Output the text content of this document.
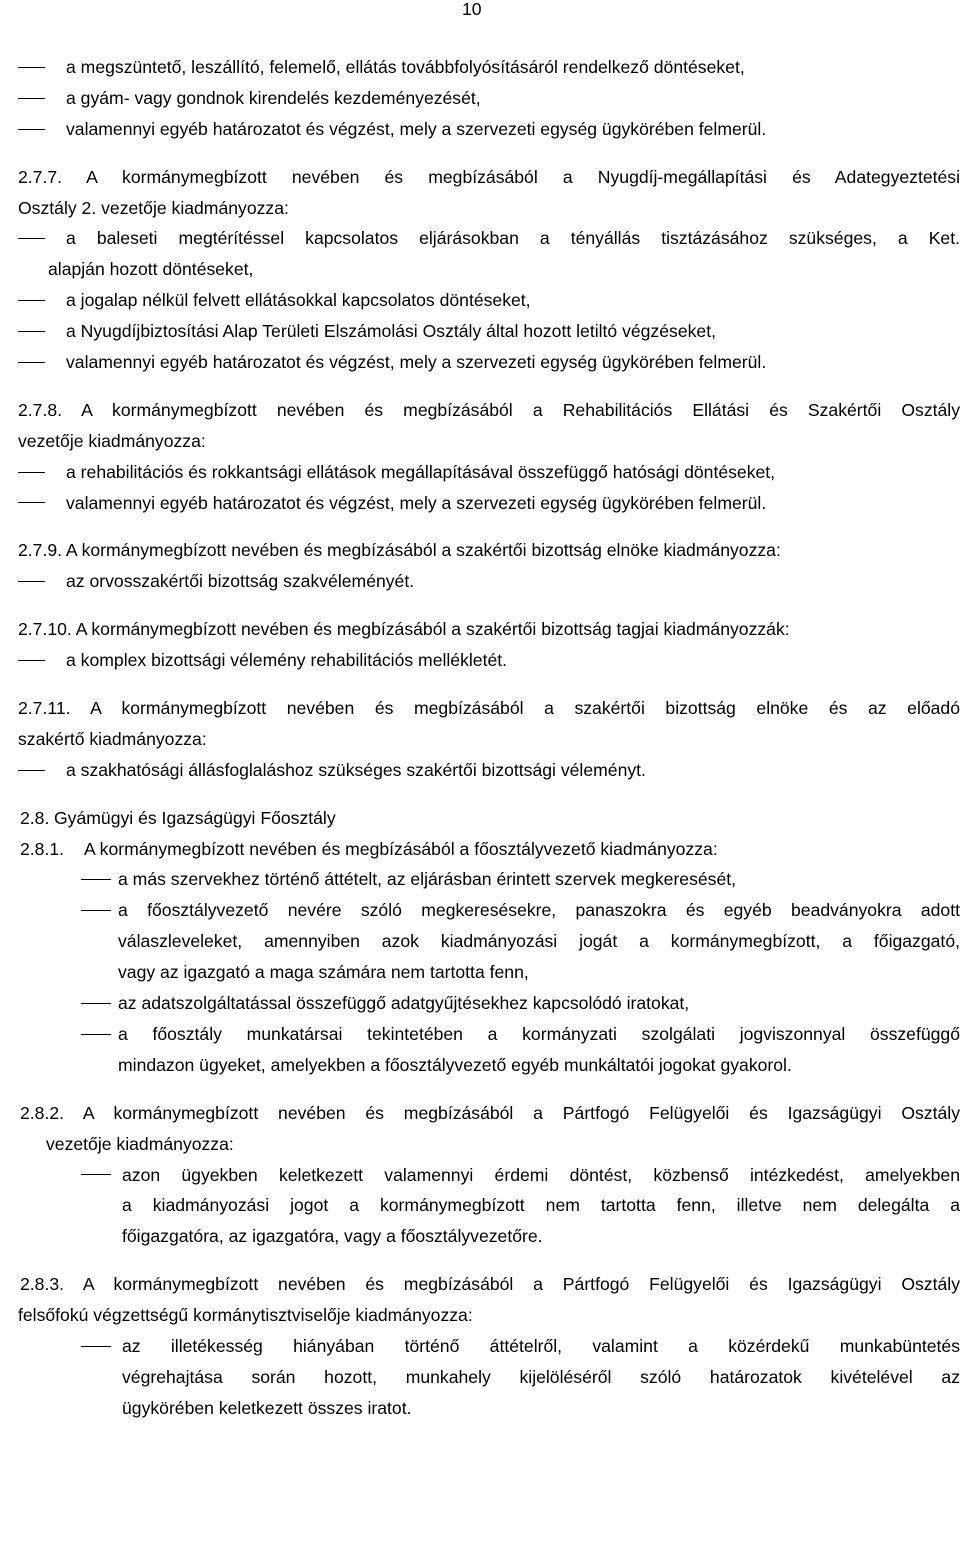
10
a megszüntető, leszállító, felemelő, ellátás továbbfolyósításáról rendelkező döntéseket,
a gyám- vagy gondnok kirendelés kezdeményezését,
valamennyi egyéb határozatot és végzést, mely a szervezeti egység ügykörében felmerül.
2.7.7. A kormánymegbízott nevében és megbízásából a Nyugdíj-megállapítási és Adategyeztetési
Osztály 2. vezetője kiadmányozza:
a baleseti megtérítéssel kapcsolatos eljárásokban a tényállás tisztázásához szükséges, a Ket.
alapján hozott döntéseket,
a jogalap nélkül felvett ellátásokkal kapcsolatos döntéseket,
a Nyugdíjbiztosítási Alap Területi Elszámolási Osztály által hozott letiltó végzéseket,
valamennyi egyéb határozatot és végzést, mely a szervezeti egység ügykörében felmerül.
2.7.8. A kormánymegbízott nevében és megbízásából a Rehabilitációs Ellátási és Szakértői Osztály
vezetője kiadmányozza:
a rehabilitációs és rokkantsági ellátások megállapításával összefüggő hatósági döntéseket,
valamennyi egyéb határozatot és végzést, mely a szervezeti egység ügykörében felmerül.
2.7.9. A kormánymegbízott nevében és megbízásából a szakértői bizottság elnöke kiadmányozza:
az orvosszakértői bizottság szakvéleményét.
2.7.10. A kormánymegbízott nevében és megbízásából a szakértői bizottság tagjai kiadmányozzák:
a komplex bizottsági vélemény rehabilitációs mellékletét.
2.7.11. A kormánymegbízott nevében és megbízásából a szakértői bizottság elnöke és az előadó
szakértő kiadmányozza:
a szakhatósági állásfoglaláshoz szükséges szakértői bizottsági véleményt.
2.8. Gyámügyi és Igazságügyi Főosztály
2.8.1. A kormánymegbízott nevében és megbízásából a főosztályvezető kiadmányozza:
a más szervekhez történő áttételt, az eljárásban érintett szervek megkeresését,
a főosztályvezető nevére szóló megkeresésekre, panaszokra és egyéb beadványokra adott
válaszleveleket, amennyiben azok kiadmányozási jogát a kormánymegbízott, a főigazgató,
vagy az igazgató a maga számára nem tartotta fenn,
az adatszolgáltatással összefüggő adatgyűjtésekhez kapcsolódó iratokat,
a főosztály munkatársai tekintetében a kormányzati szolgálati jogviszonnyal összefüggő
mindazon ügyeket, amelyekben a főosztályvezető egyéb munkáltatói jogokat gyakorol.
2.8.2. A kormánymegbízott nevében és megbízásából a Pártfogó Felügyelői és Igazságügyi Osztály
vezetője kiadmányozza:
azon ügyekben keletkezett valamennyi érdemi döntést, közbenső intézkedést, amelyekben
a kiadmányozási jogot a kormánymegbízott nem tartotta fenn, illetve nem delegálta a
főigazgatóra, az igazgatóra, vagy a főosztályvezetőre.
2.8.3. A kormánymegbízott nevében és megbízásából a Pártfogó Felügyelői és Igazságügyi Osztály
felsőfokú végzettségű kormánytisztviselője kiadmányozza:
az illetékesség hiányában történő áttételről, valamint a közérdekű munkabüntetés
végrehajtása során hozott, munkahely kijelöléséről szóló határozatok kivételével az
ügykörében keletkezett összes iratot.
